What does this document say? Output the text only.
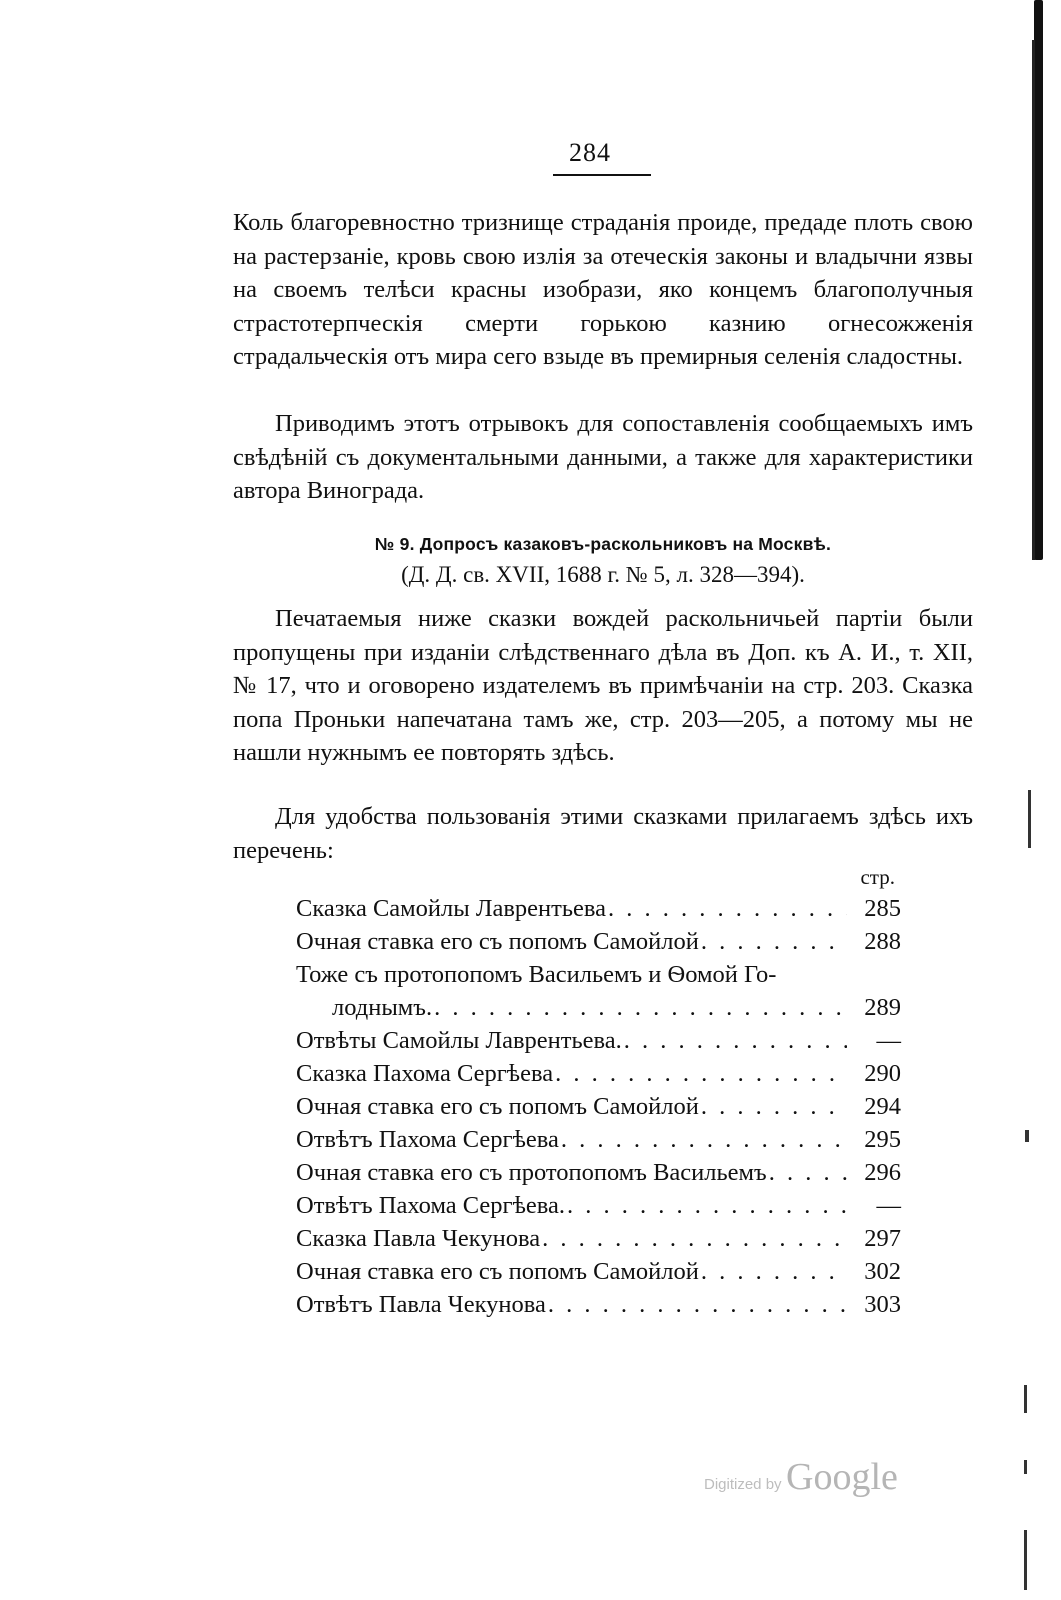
284

Коль благоревностно тризнище страданія проиде, предаде плоть свою на растерзаніе, кровь свою излія за отеческія законы и владычни язвы на своемъ телѣси красны изобрази, яко концемъ благополучныя страстотерпческія смерти горькою казнию огнесожженія страдальческія отъ мира сего взыде въ премирныя селенія сладостны.

Приводимъ этотъ отрывокъ для сопоставленія сообщаемыхъ имъ свѣдѣній съ документальными данными, а также для характеристики автора Винограда.

№ 9. Допросъ казаковъ-раскольниковъ на Москвѣ.
(Д. Д. св. XVII, 1688 г. № 5, л. 328—394).

Печатаемыя ниже сказки вождей раскольничьей партіи были пропущены при изданіи слѣдственнаго дѣла въ Доп. къ А. И., т. XII, № 17, что и оговорено издателемъ въ примѣчаніи на стр. 203. Сказка попа Проньки напечатана тамъ же, стр. 203—205, а потому мы не нашли нужнымъ ее повторять здѣсь.

Для удобства пользованія этими сказками прилагаемъ здѣсь ихъ перечень:

стр.
Сказка Самойлы Лаврентьева . . .	285
Очная ставка его съ попомъ Самойлой . . .	288
Тоже съ протопопомъ Васильемъ и Ѳомой Го-
лоднымъ. . . .	289
Отвѣты Самойлы Лаврентьева. . . .	—
Сказка Пахома Сергѣева . . .	290
Очная ставка его съ попомъ Самойлой . . .	294
Отвѣтъ Пахома Сергѣева . . .	295
Очная ставка его съ протопопомъ Васильемъ . . .	296
Отвѣтъ Пахома Сергѣева. . . .	—
Сказка Павла Чекунова . . .	297
Очная ставка его съ попомъ Самойлой . . .	302
Отвѣтъ Павла Чекунова . . .	303
Digitized by Google
